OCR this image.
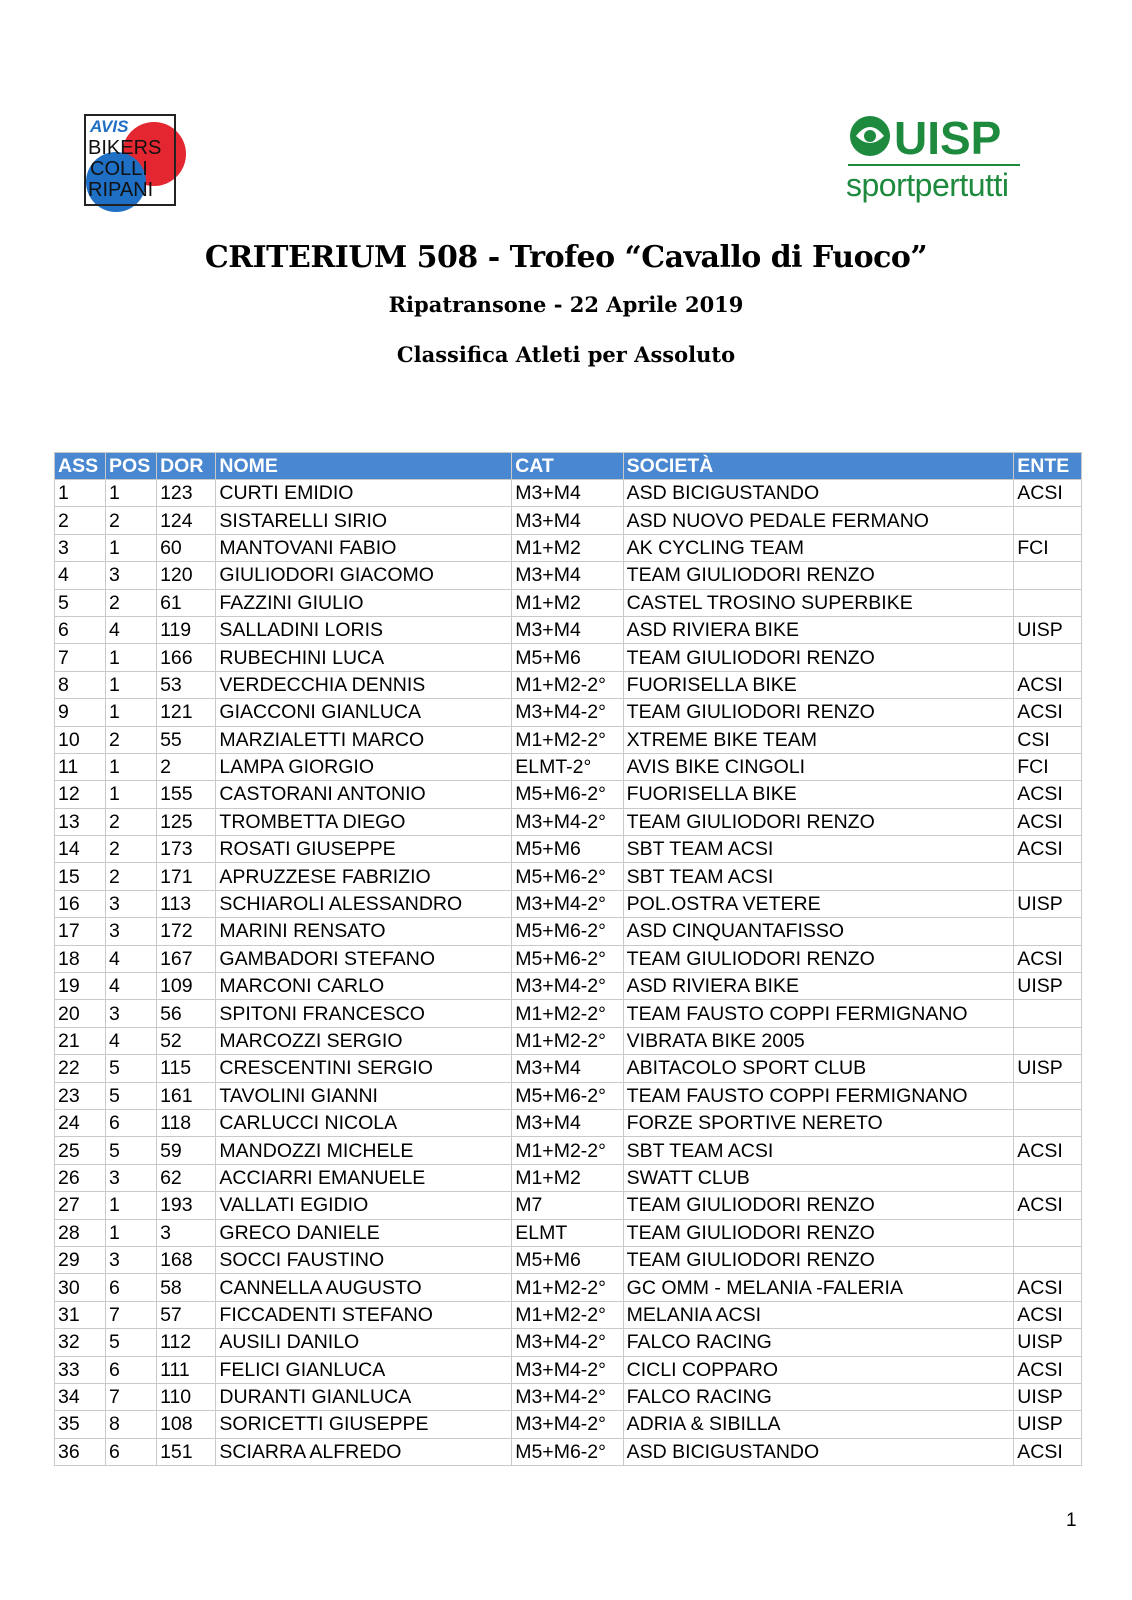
AVIS
BIKERS
COLLI
RIPANI
UISP
sportpertutti
CRITERIUM 508 - Trofeo “Cavallo di Fuoco”
Ripatransone - 22 Aprile 2019
Classifica Atleti per Assoluto
ASS	POS	DOR	NOME	CAT	SOCIETÀ	ENTE
1	1	123	CURTI EMIDIO	M3+M4	ASD BICIGUSTANDO	ACSI
2	2	124	SISTARELLI SIRIO	M3+M4	ASD NUOVO PEDALE FERMANO	
3	1	60	MANTOVANI FABIO	M1+M2	AK CYCLING TEAM	FCI
4	3	120	GIULIODORI GIACOMO	M3+M4	TEAM GIULIODORI RENZO	
5	2	61	FAZZINI GIULIO	M1+M2	CASTEL TROSINO SUPERBIKE	
6	4	119	SALLADINI LORIS	M3+M4	ASD RIVIERA BIKE	UISP
7	1	166	RUBECHINI LUCA	M5+M6	TEAM GIULIODORI RENZO	
8	1	53	VERDECCHIA DENNIS	M1+M2-2°	FUORISELLA BIKE	ACSI
9	1	121	GIACCONI GIANLUCA	M3+M4-2°	TEAM GIULIODORI RENZO	ACSI
10	2	55	MARZIALETTI MARCO	M1+M2-2°	XTREME BIKE TEAM	CSI
11	1	2	LAMPA GIORGIO	ELMT-2°	AVIS BIKE CINGOLI	FCI
12	1	155	CASTORANI ANTONIO	M5+M6-2°	FUORISELLA BIKE	ACSI
13	2	125	TROMBETTA DIEGO	M3+M4-2°	TEAM GIULIODORI RENZO	ACSI
14	2	173	ROSATI GIUSEPPE	M5+M6	SBT TEAM ACSI	ACSI
15	2	171	APRUZZESE FABRIZIO	M5+M6-2°	SBT TEAM ACSI	
16	3	113	SCHIAROLI ALESSANDRO	M3+M4-2°	POL.OSTRA VETERE	UISP
17	3	172	MARINI RENSATO	M5+M6-2°	ASD CINQUANTAFISSO	
18	4	167	GAMBADORI STEFANO	M5+M6-2°	TEAM GIULIODORI RENZO	ACSI
19	4	109	MARCONI CARLO	M3+M4-2°	ASD RIVIERA BIKE	UISP
20	3	56	SPITONI FRANCESCO	M1+M2-2°	TEAM FAUSTO COPPI FERMIGNANO	
21	4	52	MARCOZZI SERGIO	M1+M2-2°	VIBRATA BIKE 2005	
22	5	115	CRESCENTINI SERGIO	M3+M4	ABITACOLO SPORT CLUB	UISP
23	5	161	TAVOLINI GIANNI	M5+M6-2°	TEAM FAUSTO COPPI FERMIGNANO	
24	6	118	CARLUCCI NICOLA	M3+M4	FORZE SPORTIVE NERETO	
25	5	59	MANDOZZI MICHELE	M1+M2-2°	SBT TEAM ACSI	ACSI
26	3	62	ACCIARRI EMANUELE	M1+M2	SWATT CLUB	
27	1	193	VALLATI EGIDIO	M7	TEAM GIULIODORI RENZO	ACSI
28	1	3	GRECO DANIELE	ELMT	TEAM GIULIODORI RENZO	
29	3	168	SOCCI FAUSTINO	M5+M6	TEAM GIULIODORI RENZO	
30	6	58	CANNELLA AUGUSTO	M1+M2-2°	GC OMM - MELANIA -FALERIA	ACSI
31	7	57	FICCADENTI STEFANO	M1+M2-2°	MELANIA ACSI	ACSI
32	5	112	AUSILI DANILO	M3+M4-2°	FALCO RACING	UISP
33	6	111	FELICI GIANLUCA	M3+M4-2°	CICLI COPPARO	ACSI
34	7	110	DURANTI GIANLUCA	M3+M4-2°	FALCO RACING	UISP
35	8	108	SORICETTI GIUSEPPE	M3+M4-2°	ADRIA & SIBILLA	UISP
36	6	151	SCIARRA ALFREDO	M5+M6-2°	ASD BICIGUSTANDO	ACSI
1
